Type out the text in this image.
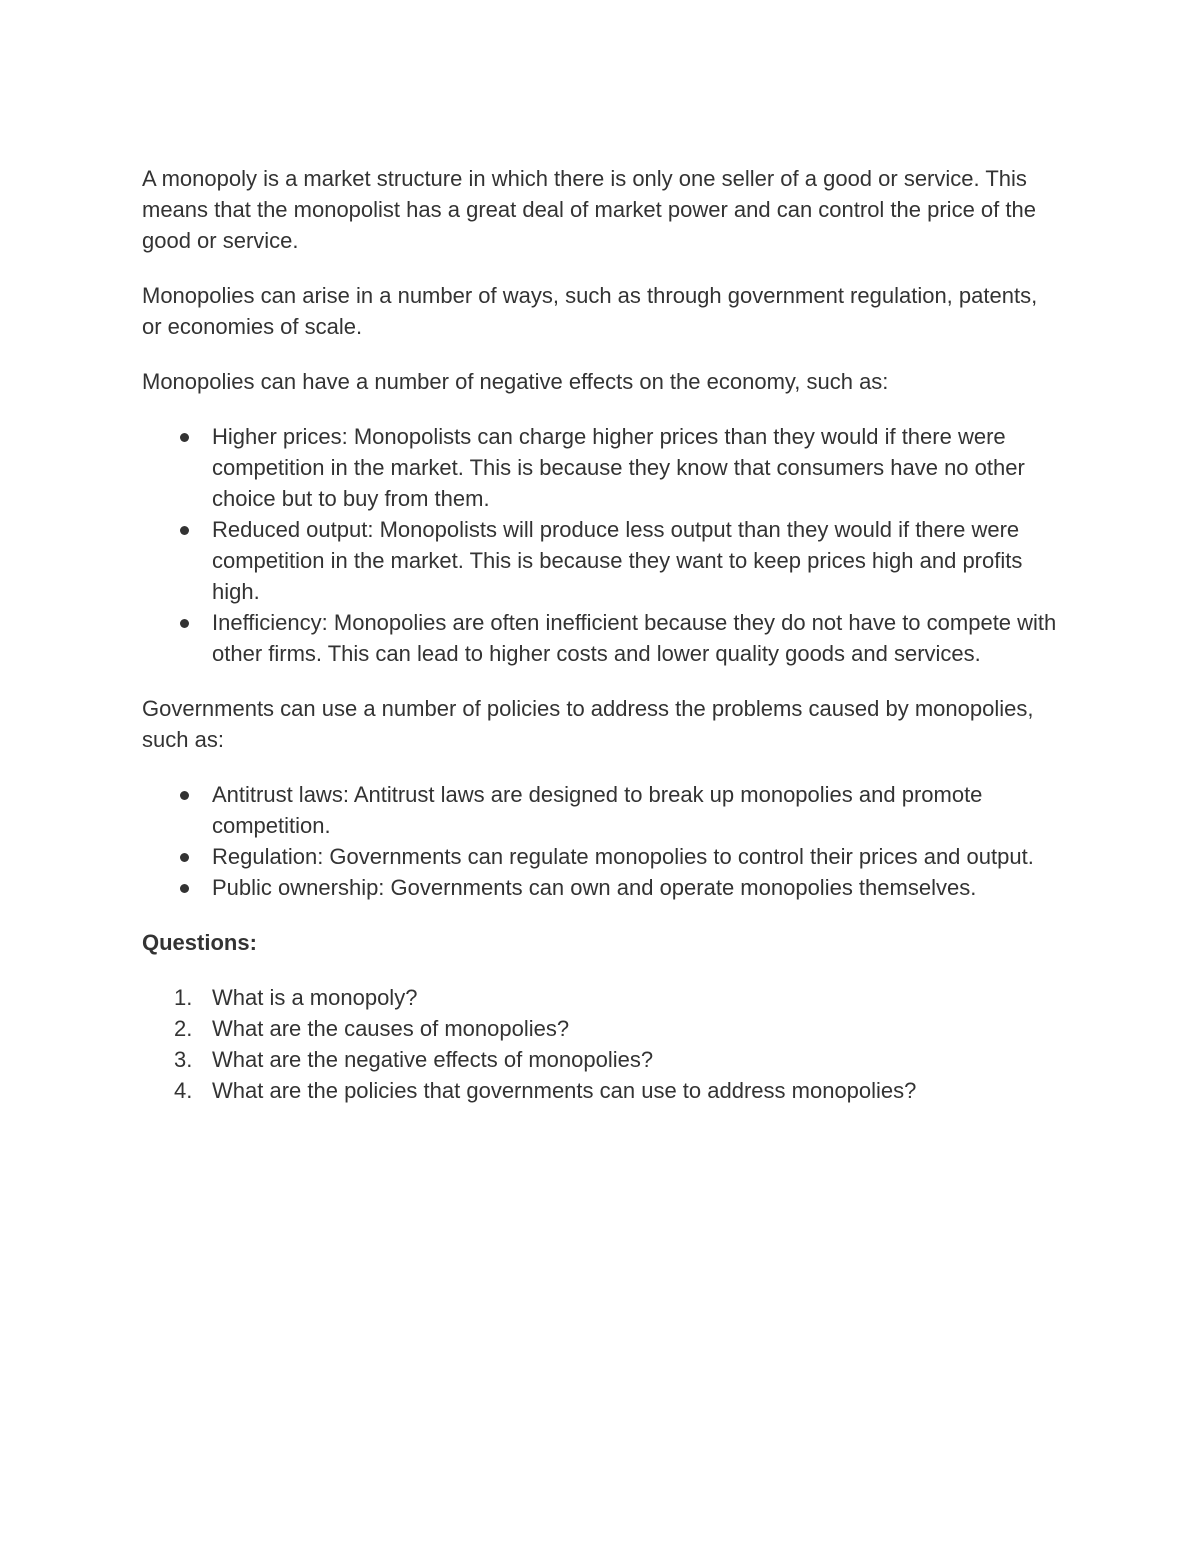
A monopoly is a market structure in which there is only one seller of a good or service. This means that the monopolist has a great deal of market power and can control the price of the good or service.

Monopolies can arise in a number of ways, such as through government regulation, patents, or economies of scale.

Monopolies can have a number of negative effects on the economy, such as:

Higher prices: Monopolists can charge higher prices than they would if there were competition in the market. This is because they know that consumers have no other choice but to buy from them.
Reduced output: Monopolists will produce less output than they would if there were competition in the market. This is because they want to keep prices high and profits high.
Inefficiency: Monopolies are often inefficient because they do not have to compete with other firms. This can lead to higher costs and lower quality goods and services.

Governments can use a number of policies to address the problems caused by monopolies, such as:

Antitrust laws: Antitrust laws are designed to break up monopolies and promote competition.
Regulation: Governments can regulate monopolies to control their prices and output.
Public ownership: Governments can own and operate monopolies themselves.

Questions:

1. What is a monopoly?
2. What are the causes of monopolies?
3. What are the negative effects of monopolies?
4. What are the policies that governments can use to address monopolies?
